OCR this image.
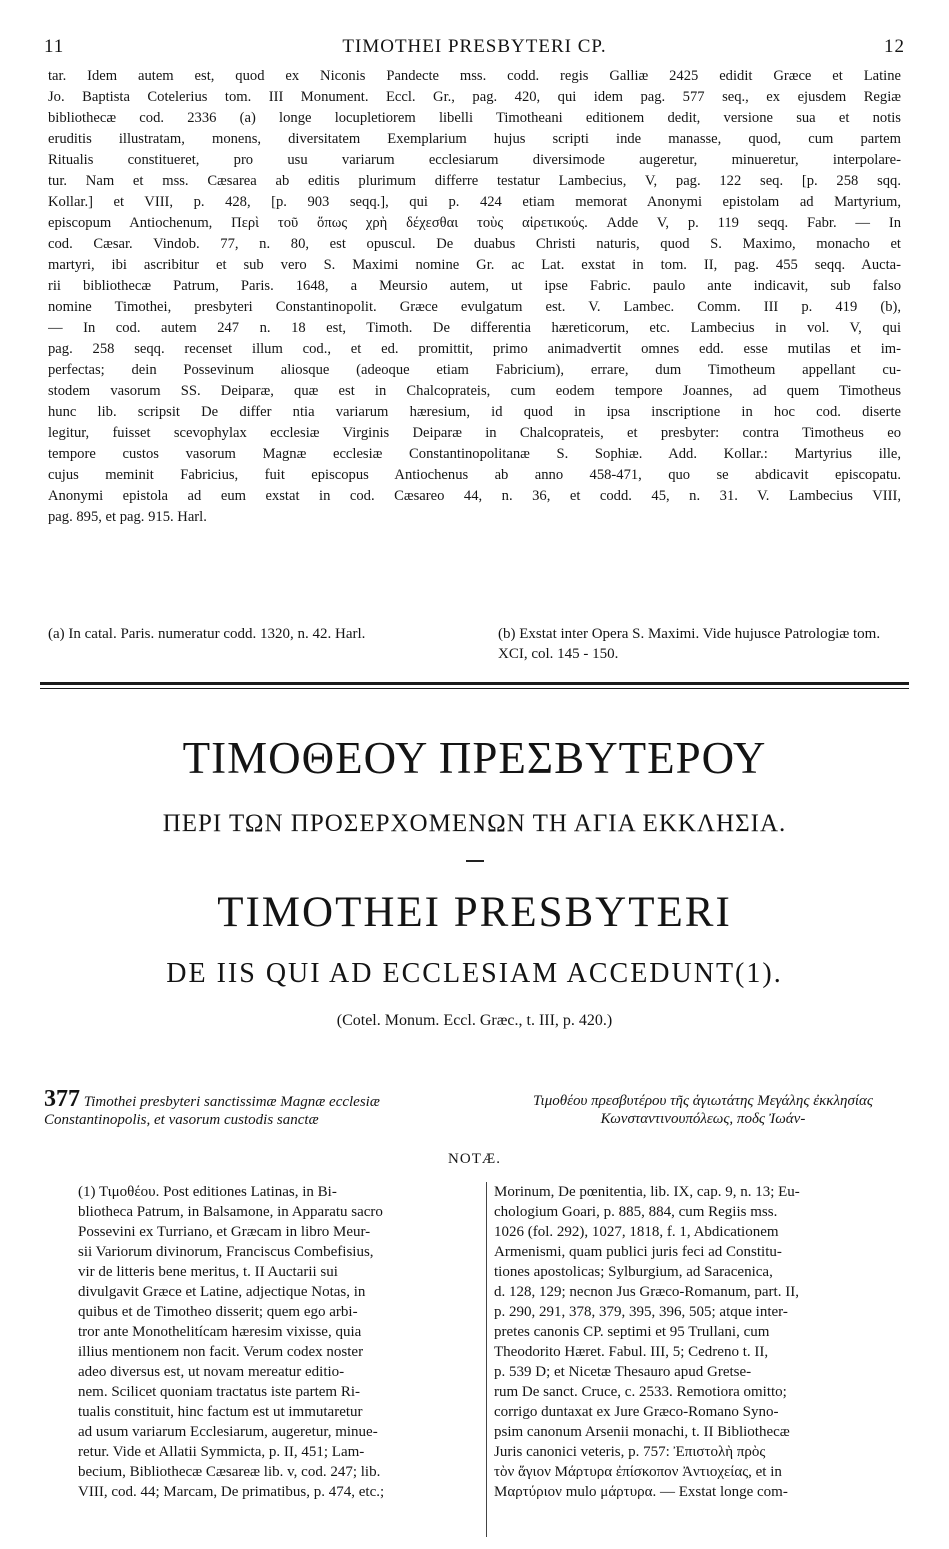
11	TIMOTHEI PRESBYTERI CP.	12
tar. Idem autem est, quod ex Niconis Pandecte mss. codd. regis Galliæ 2425 edidit Græce et Latine
Jo. Baptista Cotelerius tom. III Monument. Eccl. Gr., pag. 420, qui idem pag. 577 seq., ex ejusdem Regiæ
bibliothecæ cod. 2336 (a) longe locupletiorem libelli Timotheani editionem dedit, versione sua et notis
eruditis illustratam, monens, diversitatem Exemplarium hujus scripti inde manasse, quod, cum partem
Ritualis constitueret, pro usu variarum ecclesiarum diversimode augeretur, minueretur, interpolare-
tur. Nam et mss. Cæsarea ab editis plurimum differre testatur Lambecius, V, pag. 122 seq. [p. 258 sqq.
Kollar.] et VIII, p. 428, [p. 903 seqq.], qui p. 424 etiam memorat Anonymi epistolam ad Martyrium,
episcopum Antiochenum, Περὶ τοῦ ὅπως χρὴ δέχεσθαι τοὺς αἱρετικούς. Adde V, p. 119 seqq. Fabr. — In
cod. Cæsar. Vindob. 77, n. 80, est opuscul. De duabus Christi naturis, quod S. Maximo, monacho et
martyri, ibi ascribitur et sub vero S. Maximi nomine Gr. ac Lat. exstat in tom. II, pag. 455 seqq. Aucta-
rii bibliothecæ Patrum, Paris. 1648, a Meursio autem, ut ipse Fabric. paulo ante indicavit, sub falso
nomine Timothei, presbyteri Constantinopolit. Græce evulgatum est. V. Lambec. Comm. III p. 419 (b),
— In cod. autem 247 n. 18 est, Timoth. De differentia hæreticorum, etc. Lambecius in vol. V, qui
pag. 258 seqq. recenset illum cod., et ed. promittit, primo animadvertit omnes edd. esse mutilas et im-
perfectas; dein Possevinum aliosque (adeoque etiam Fabricium), errare, dum Timotheum appellant cu-
stodem vasorum SS. Deiparæ, quæ est in Chalcoprateis, cum eodem tempore Joannes, ad quem Timotheus
hunc lib. scripsit De differ ntia variarum hæresium, id quod in ipsa inscriptione in hoc cod. diserte
legitur, fuisset scevophylax ecclesiæ Virginis Deiparæ in Chalcoprateis, et presbyter: contra Timotheus eo
tempore custos vasorum Magnæ ecclesiæ Constantinopolitanæ S. Sophiæ. Add. Kollar.: Martyrius ille,
cujus meminit Fabricius, fuit episcopus Antiochenus ab anno 458-471, quo se abdicavit episcopatu.
Anonymi epistola ad eum exstat in cod. Cæsareo 44, n. 36, et codd. 45, n. 31. V. Lambecius VIII,
pag. 895, et pag. 915. Harl.
(a) In catal. Paris. numeratur codd. 1320, n. 42. Harl.	(b) Exstat inter Opera S. Maximi. Vide hujusce Patrologiæ tom. XCI, col. 145 - 150.
ΤΙΜΟΘΕΟΥ ΠΡΕΣΒΥΤΕΡΟΥ
ΠΕΡΙ ΤΩΝ ΠΡΟΣΕΡΧΟΜΕΝΩΝ ΤΗ ΑΓΙΑ ΕΚΚΛΗΣΙΑ.
TIMOTHEI PRESBYTERI
DE IIS QUI AD ECCLESIAM ACCEDUNT(1).
(Cotel. Monum. Eccl. Græc., t. III, p. 420.)
377 Timothei presbyteri sanctissimæ Magnæ ecclesiæ Constantinopolis, et vasorum custodis sanctæ
Τιμοθέου πρεσβυτέρου τῆς ἁγιωτάτης Μεγάλης ἐκκλησίας Κωνσταντινουπόλεως, ποδς Ἰωάν-
NOTÆ.
(1) Τιμοθέου. Post editiones Latinas, in Bi-
bliotheca Patrum, in Balsamone, in Apparatu sacro
Possevini ex Turriano, et Græcam in libro Meur-
sii Variorum divinorum, Franciscus Combefisius,
vir de litteris bene meritus, t. II Auctarii sui
divulgavit Græce et Latine, adjectique Notas, in
quibus et de Timotheo disserit; quem ego arbi-
tror ante Monothelitícam hæresim vixisse, quia
illius mentionem non facit. Verum codex noster
adeo diversus est, ut novam mereatur editio-
nem. Scilicet quoniam tractatus iste partem Ri-
tualis constituit, hinc factum est ut immutaretur
ad usum variarum Ecclesiarum, augeretur, minue-
retur. Vide et Allatii Symmicta, p. II, 451; Lam-
becium, Bibliothecæ Cæsareæ lib. v, cod. 247; lib.
VIII, cod. 44; Marcam, De primatibus, p. 474, etc.;
Morinum, De pœnitentia, lib. IX, cap. 9, n. 13; Eu-
chologium Goari, p. 885, 884, cum Regiis mss.
1026 (fol. 292), 1027, 1818, f. 1, Abdicationem
Armenismi, quam publici juris feci ad Constitu-
tiones apostolicas; Sylburgium, ad Saracenica,
d. 128, 129; necnon Jus Græco-Romanum, part. II,
p. 290, 291, 378, 379, 395, 396, 505; atque inter-
pretes canonis CP. septimi et 95 Trullani, cum
Theodorito Hæret. Fabul. III, 5; Cedreno t. II,
p. 539 D; et Nicetæ Thesauro apud Gretse-
rum De sanct. Cruce, c. 2533. Remotiora omitto;
corrigo duntaxat ex Jure Græco-Romano Syno-
psim canonum Arsenii monachi, t. II Bibliothecæ
Juris canonici veteris, p. 757: Ἐπιστολὴ πρὸς
τὸν ἅγιον Μάρτυρα ἐπίσκοπον Ἀντιοχείας, et in
Μαρτύριον mulo μάρτυρα. — Exstat longe com-
